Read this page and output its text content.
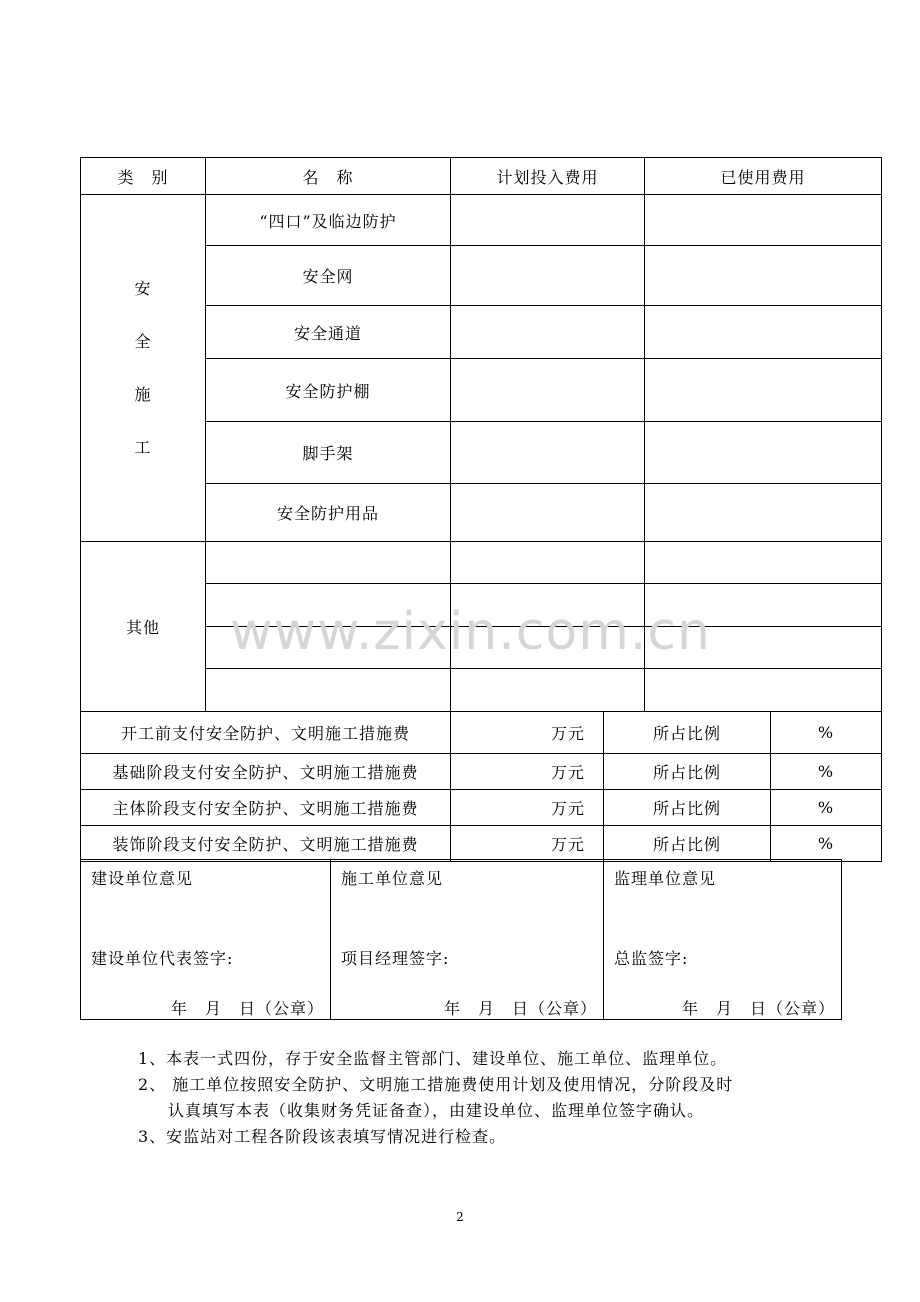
类　别	名　称	计划投入费用		已使用费用	

安
全
施
工	“四口”及临边防护				
	安全网				
	安全通道				
	安全防护棚				
	脚手架				
	安全防护用品				
其他					

开工前支付安全防护、文明施工措施费		万元	所占比例		%
基础阶段支付安全防护、文明施工措施费		万元	所占比例		%
主体阶段支付安全防护、文明施工措施费		万元	所占比例		%
装饰阶段支付安全防护、文明施工措施费		万元	所占比例		%
建设单位意见
建设单位代表签字:
年　月　日（公章）

施工单位意见
项目经理签字:
年　月　日（公章）

监理单位意见
总监签字:
年　月　日（公章）
www.zixin.com.cn
1、本表一式四份，存于安全监督主管部门、建设单位、施工单位、监理单位。
2、 施工单位按照安全防护、文明施工措施费使用计划及使用情况，分阶段及时
认真填写本表（收集财务凭证备查），由建设单位、监理单位签字确认。
3、安监站对工程各阶段该表填写情况进行检查。
2
